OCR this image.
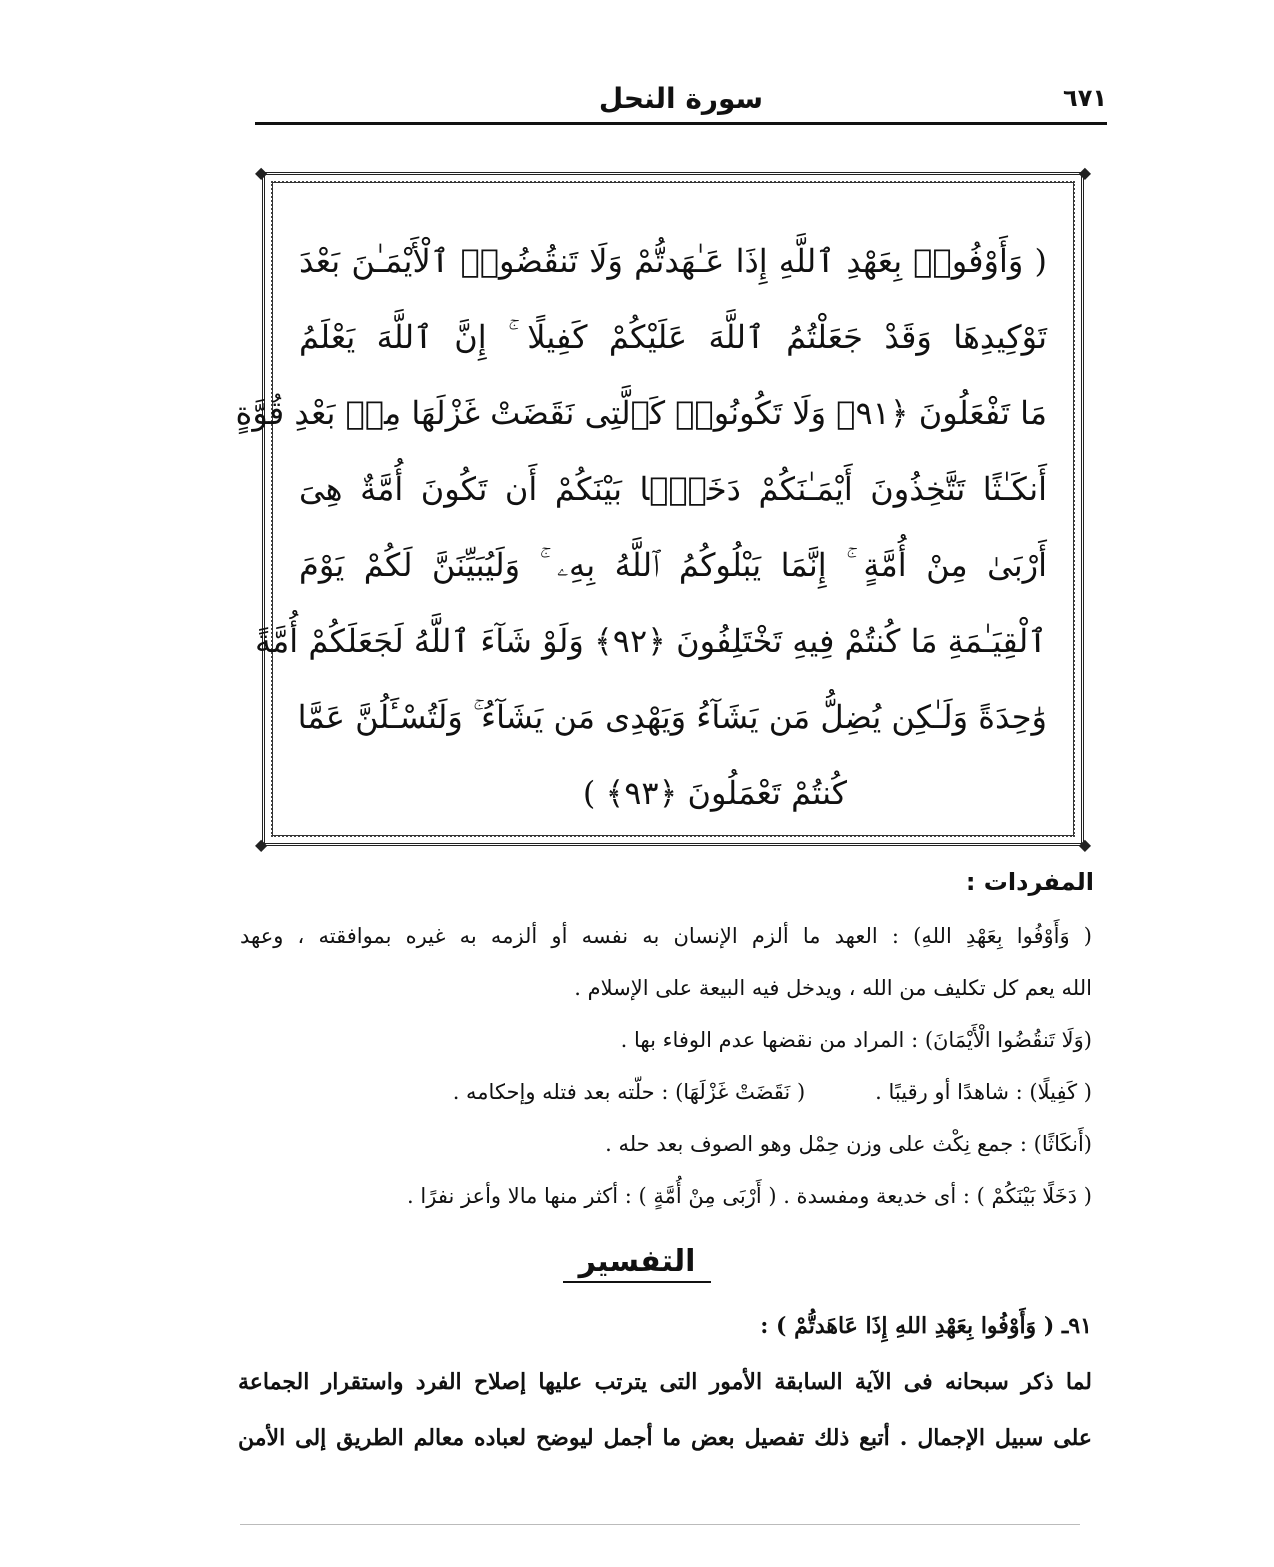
سورة النحل	٦٧١
◆	◆
◆	◆
( وَأَوْفُوا۟ بِعَهْدِ ٱللَّهِ إِذَا عَـٰهَدتُّمْ وَلَا تَنقُضُوا۟ ٱلْأَيْمَـٰنَ بَعْدَ
تَوْكِيدِهَا وَقَدْ جَعَلْتُمُ ٱللَّهَ عَلَيْكُمْ كَفِيلًا ۚ إِنَّ ٱللَّهَ يَعْلَمُ
مَا تَفْعَلُونَ ﴿٩١﴾ وَلَا تَكُونُوا۟ كَٱلَّتِى نَقَضَتْ غَزْلَهَا مِنۢ بَعْدِ قُوَّةٍ
أَنكَـٰثًا تَتَّخِذُونَ أَيْمَـٰنَكُمْ دَخَلًۢا بَيْنَكُمْ أَن تَكُونَ أُمَّةٌ هِىَ
أَرْبَىٰ مِنْ أُمَّةٍ ۚ إِنَّمَا يَبْلُوكُمُ ٱللَّهُ بِهِۦ ۚ وَلَيُبَيِّنَنَّ لَكُمْ يَوْمَ
ٱلْقِيَـٰمَةِ مَا كُنتُمْ فِيهِ تَخْتَلِفُونَ ﴿٩٢﴾ وَلَوْ شَآءَ ٱللَّهُ لَجَعَلَكُمْ أُمَّةً
وَٰحِدَةً وَلَـٰكِن يُضِلُّ مَن يَشَآءُ وَيَهْدِى مَن يَشَآءُ ۚ وَلَتُسْـَٔلُنَّ عَمَّا
كُنتُمْ تَعْمَلُونَ ﴿٩٣﴾ )
المفردات :
( وَأَوْفُوا بِعَهْدِ اللهِ) : العهد ما ألزم الإنسان به نفسه أو ألزمه به غيره بموافقته ، وعهد
الله يعم كل تكليف من الله ، ويدخل فيه البيعة على الإسلام .
(وَلَا تَنقُضُوا الْأَيْمَانَ) : المراد من نقضها عدم الوفاء بها .
( كَفِيلًا) : شاهدًا أو رقيبًا .( نَقَضَتْ غَزْلَهَا) : حلّته بعد فتله وإحكامه .
(أَنكَاثًا) : جمع نِكْث على وزن حِمْل وهو الصوف بعد حله .
( دَخَلًا بَيْنَكُمْ ) : أى خديعة ومفسدة . ( أَرْبَى مِنْ أُمَّةٍ ) : أكثر منها مالا وأعز نفرًا .
التفسير
٩١ـ ( وَأَوْفُوا بِعَهْدِ اللهِ إِذَا عَاهَدتُّمْ ) :
لما ذكر سبحانه فى الآية السابقة الأمور التى يترتب عليها إصلاح الفرد واستقرار الجماعة
على سبيل الإجمال . أتبع ذلك تفصيل بعض ما أجمل ليوضح لعباده معالم الطريق إلى الأمن
